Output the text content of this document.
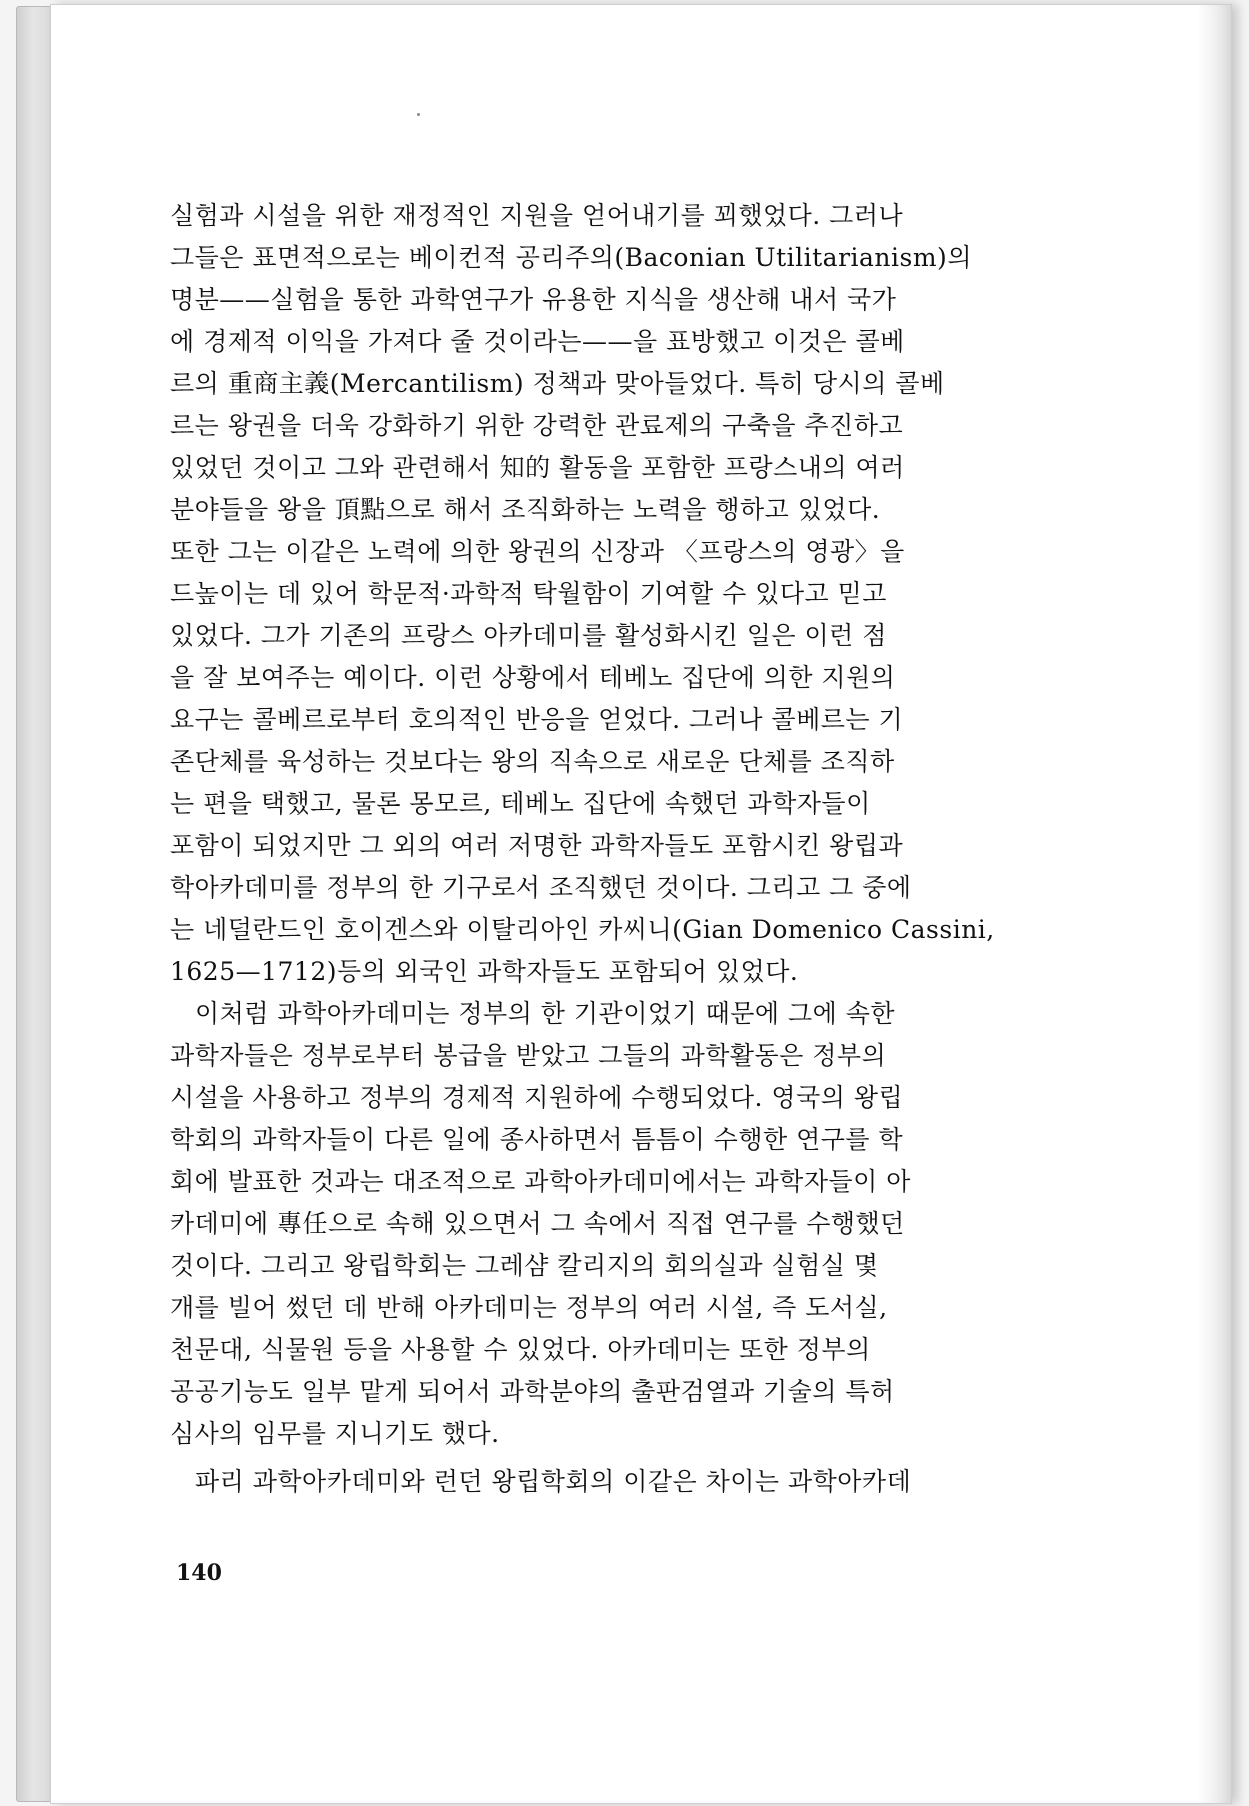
실험과 시설을 위한 재정적인 지원을 얻어내기를 꾀했었다. 그러나
그들은 표면적으로는 베이컨적 공리주의(Baconian Utilitarianism)의
명분——실험을 통한 과학연구가 유용한 지식을 생산해 내서 국가
에 경제적 이익을 가져다 줄 것이라는——을 표방했고 이것은 콜베
르의 重商主義(Mercantilism) 정책과 맞아들었다. 특히 당시의 콜베
르는 왕권을 더욱 강화하기 위한 강력한 관료제의 구축을 추진하고
있었던 것이고 그와 관련해서 知的 활동을 포함한 프랑스내의 여러
분야들을 왕을 頂點으로 해서 조직화하는 노력을 행하고 있었다.
또한 그는 이같은 노력에 의한 왕권의 신장과 〈프랑스의 영광〉을
드높이는 데 있어 학문적·과학적 탁월함이 기여할 수 있다고 믿고
있었다. 그가 기존의 프랑스 아카데미를 활성화시킨 일은 이런 점
을 잘 보여주는 예이다. 이런 상황에서 테베노 집단에 의한 지원의
요구는 콜베르로부터 호의적인 반응을 얻었다. 그러나 콜베르는 기
존단체를 육성하는 것보다는 왕의 직속으로 새로운 단체를 조직하
는 편을 택했고, 물론 몽모르, 테베노 집단에 속했던 과학자들이
포함이 되었지만 그 외의 여러 저명한 과학자들도 포함시킨 왕립과
학아카데미를 정부의 한 기구로서 조직했던 것이다. 그리고 그 중에
는 네덜란드인 호이겐스와 이탈리아인 카씨니(Gian Domenico Cassini,
1625—1712)등의 외국인 과학자들도 포함되어 있었다.
이처럼 과학아카데미는 정부의 한 기관이었기 때문에 그에 속한
과학자들은 정부로부터 봉급을 받았고 그들의 과학활동은 정부의
시설을 사용하고 정부의 경제적 지원하에 수행되었다. 영국의 왕립
학회의 과학자들이 다른 일에 종사하면서 틈틈이 수행한 연구를 학
회에 발표한 것과는 대조적으로 과학아카데미에서는 과학자들이 아
카데미에 專任으로 속해 있으면서 그 속에서 직접 연구를 수행했던
것이다. 그리고 왕립학회는 그레샴 칼리지의 회의실과 실험실 몇
개를 빌어 썼던 데 반해 아카데미는 정부의 여러 시설, 즉 도서실,
천문대, 식물원 등을 사용할 수 있었다. 아카데미는 또한 정부의
공공기능도 일부 맡게 되어서 과학분야의 출판검열과 기술의 특허
심사의 임무를 지니기도 했다.
파리 과학아카데미와 런던 왕립학회의 이같은 차이는 과학아카데
140
